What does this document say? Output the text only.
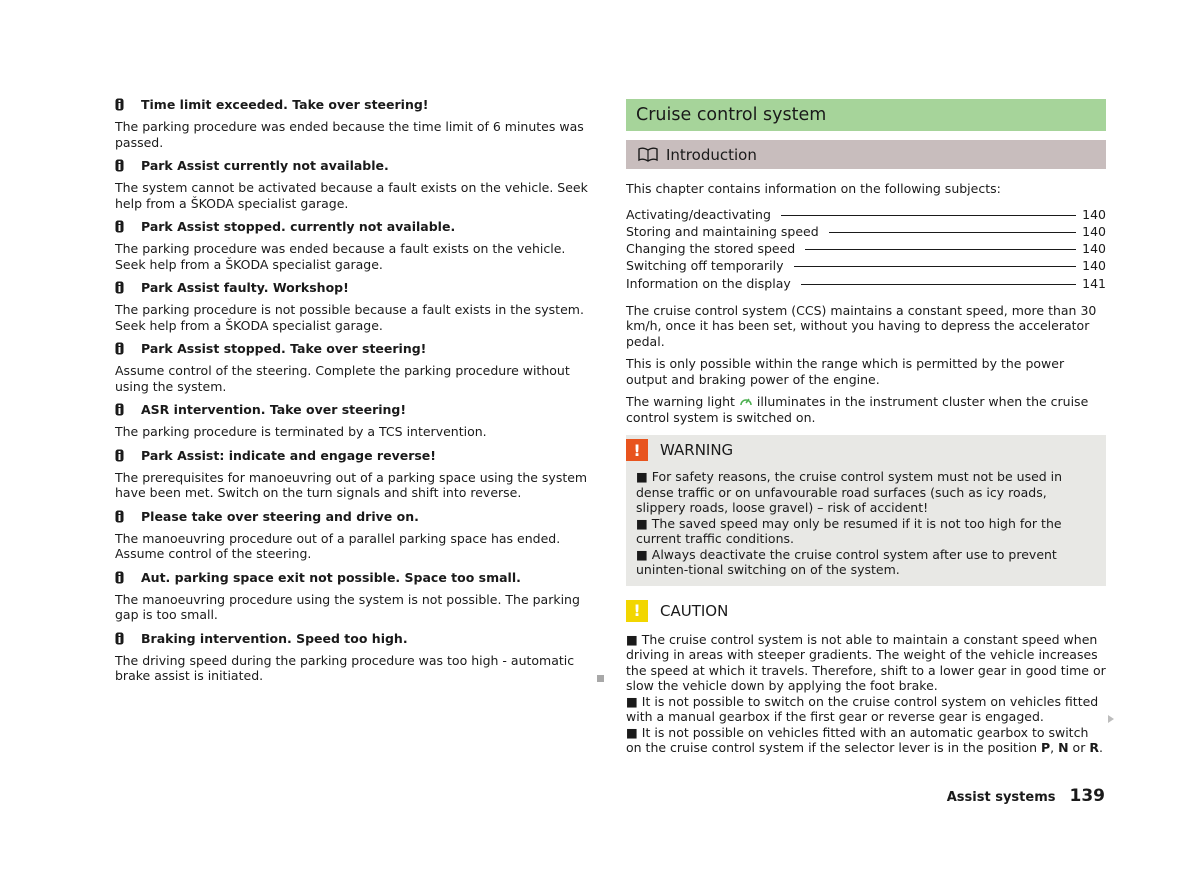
Time limit exceeded. Take over steering!
The parking procedure was ended because the time limit of 6 minutes was passed.
Park Assist currently not available.
The system cannot be activated because a fault exists on the vehicle. Seek help from a ŠKODA specialist garage.
Park Assist stopped. currently not available.
The parking procedure was ended because a fault exists on the vehicle. Seek help from a ŠKODA specialist garage.
Park Assist faulty. Workshop!
The parking procedure is not possible because a fault exists in the system. Seek help from a ŠKODA specialist garage.
Park Assist stopped. Take over steering!
Assume control of the steering. Complete the parking procedure without using the system.
ASR intervention. Take over steering!
The parking procedure is terminated by a TCS intervention.
Park Assist: indicate and engage reverse!
The prerequisites for manoeuvring out of a parking space using the system have been met. Switch on the turn signals and shift into reverse.
Please take over steering and drive on.
The manoeuvring procedure out of a parallel parking space has ended. Assume control of the steering.
Aut. parking space exit not possible. Space too small.
The manoeuvring procedure using the system is not possible. The parking gap is too small.
Braking intervention. Speed too high.
The driving speed during the parking procedure was too high - automatic brake assist is initiated.
Cruise control system
Introduction
This chapter contains information on the following subjects:
Activating/deactivating	140
Storing and maintaining speed	140
Changing the stored speed	140
Switching off temporarily	140
Information on the display	141
The cruise control system (CCS) maintains a constant speed, more than 30 km/h, once it has been set, without you having to depress the accelerator pedal.
This is only possible within the range which is permitted by the power output and braking power of the engine.
The warning light  illuminates in the instrument cluster when the cruise control system is switched on.
!	WARNING
■ For safety reasons, the cruise control system must not be used in dense traffic or on unfavourable road surfaces (such as icy roads, slippery roads, loose gravel) – risk of accident!
■ The saved speed may only be resumed if it is not too high for the current traffic conditions.
■ Always deactivate the cruise control system after use to prevent uninten-tional switching on of the system.
!	CAUTION
■ The cruise control system is not able to maintain a constant speed when driving in areas with steeper gradients. The weight of the vehicle increases the speed at which it travels. Therefore, shift to a lower gear in good time or slow the vehicle down by applying the foot brake.
■ It is not possible to switch on the cruise control system on vehicles fitted with a manual gearbox if the first gear or reverse gear is engaged.
■ It is not possible on vehicles fitted with an automatic gearbox to switch on the cruise control system if the selector lever is in the position P, N or R.
Assist systems 139
